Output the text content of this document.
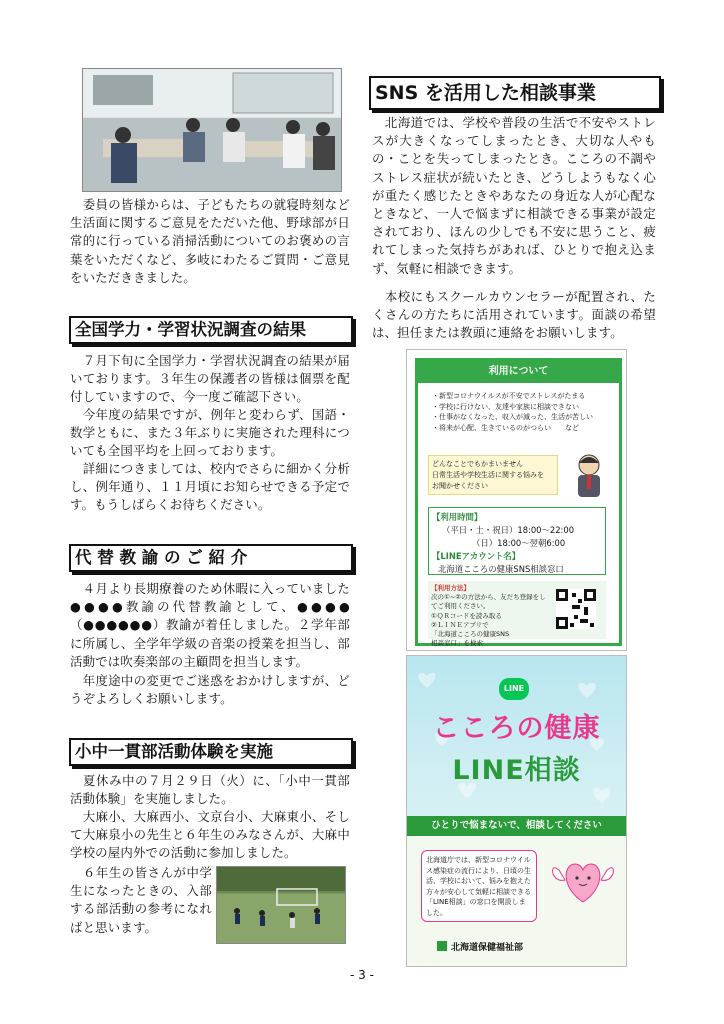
　委員の皆様からは、子どもたちの就寝時刻など生活面に関するご意見をただいた他、野球部が日常的に行っている消掃活動についてのお褒めの言葉をいただくなど、多岐にわたるご質問・ご意見をいただききました。

全国学力・学習状況調査の結果

　７月下旬に全国学力・学習状況調査の結果が届いております。３年生の保護者の皆様は個票を配付していますので、今一度ご確認下さい。

　今年度の結果ですが、例年と変わらず、国語・数学ともに、また３年ぶりに実施された理科についても全国平均を上回っております。

　詳細につきましては、校内でさらに細かく分析し、例年通り、１１月頃にお知らせできる予定です。もうしばらくお待ちください。

代 替 教 諭 の ご 紹 介

　４月より長期療養のため休暇に入っていました●●●●教諭の代替教諭として、●●●●（●●●●●●）教諭が着任しました。２学年部に所属し、全学年学級の音楽の授業を担当し、部活動では吹奏楽部の主顧問を担当します。

　年度途中の変更でご迷惑をおかけしますが、どうぞよろしくお願いします。

小中一貫部活動体験を実施

　夏休み中の７月２９日（火）に、「小中一貫部活動体験」を実施しました。

　大麻小、大麻西小、文京台小、大麻東小、そして大麻泉小の先生と６年生のみなさんが、大麻中学校の屋内外での活動に参加しました。

　６年生の皆さんが中学生になったときの、入部する部活動の参考になればと思います。

SNS を活用した相談事業

　北海道では、学校や普段の生活で不安やストレスが大きくなってしまったとき、大切な人やもの・ことを失ってしまったとき。こころの不調やストレス症状が続いたとき、どうしようもなく心が重たく感じたときやあなたの身近な人が心配なときなど、一人で悩まずに相談できる事業が設定されており、ほんの少しでも不安に思うこと、疲れてしまった気持ちがあれば、ひとりで抱え込まず、気軽に相談できます。

　本校にもスクールカウンセラーが配置され、たくさんの方たちに活用されています。面談の希望は、担任または教頭に連絡をお願いします。

利用について
・新型コロナウイルスが不安でストレスがたまる
・学校に行けない、友達や家族に相談できない
・仕事がなくなった、収入が減った、生活が苦しい
・将来が心配、生きているのがつらい　　など
どんなことでもかまいません
日常生活や学校生活に関する悩みを
お聞かせください
【利用時間】
（平日・土・祝日）18:00～22:00
（日）18:00～翌朝6:00
【LINEアカウント名】
北海道こころの健康SNS相談窓口
【利用方法】
次の①~②の方法から、友だち登録をしてご利用ください。
①ＱＲコードを読み取る
②ＬＩＮＥアプリで
「北海道こころの健康SNS
相談窓口」を検索
LINE
こころの健康
LINE相談
ひとりで悩まないで、相談してください
北海道庁では、新型コロナウイルス感染症の流行により、日頃の生活、学校において、悩みを抱えた方々が安心して気軽に相談できる「LINE相談」の窓口を開設しました。
北海道保健福祉部
- 3 -
